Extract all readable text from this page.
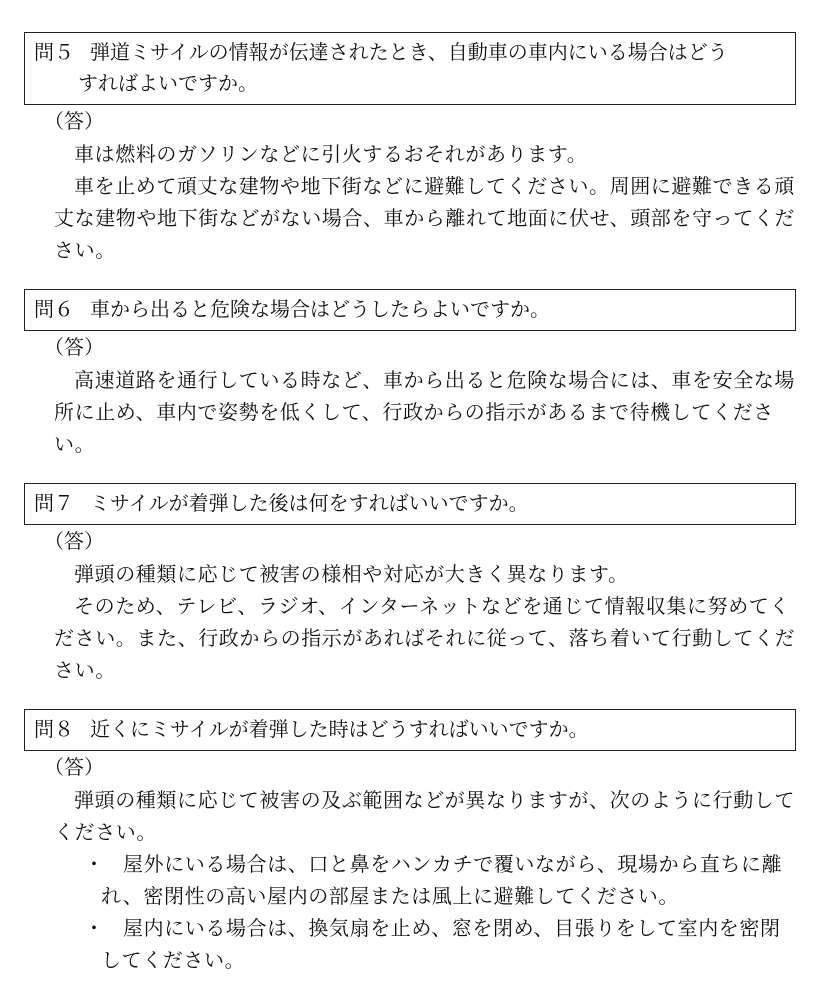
問５ 弾道ミサイルの情報が伝達されたとき、自動車の車内にいる場合はどう
すればよいですか。
（答）

車は燃料のガソリンなどに引火するおそれがあります。

車を止めて頑丈な建物や地下街などに避難してください。周囲に避難できる頑丈な建物や地下街などがない場合、車から離れて地面に伏せ、頭部を守ってください。

問６ 車から出ると危険な場合はどうしたらよいですか。
（答）

高速道路を通行している時など、車から出ると危険な場合には、車を安全な場所に止め、車内で姿勢を低くして、行政からの指示があるまで待機してください。

問７ ミサイルが着弾した後は何をすればいいですか。
（答）

弾頭の種類に応じて被害の様相や対応が大きく異なります。

そのため、テレビ、ラジオ、インターネットなどを通じて情報収集に努めてください。また、行政からの指示があればそれに従って、落ち着いて行動してください。

問８ 近くにミサイルが着弾した時はどうすればいいですか。
（答）

弾頭の種類に応じて被害の及ぶ範囲などが異なりますが、次のように行動してください。

・ 屋外にいる場合は、口と鼻をハンカチで覆いながら、現場から直ちに離れ、密閉性の高い屋内の部屋または風上に避難してください。
・ 屋内にいる場合は、換気扇を止め、窓を閉め、目張りをして室内を密閉してください。
